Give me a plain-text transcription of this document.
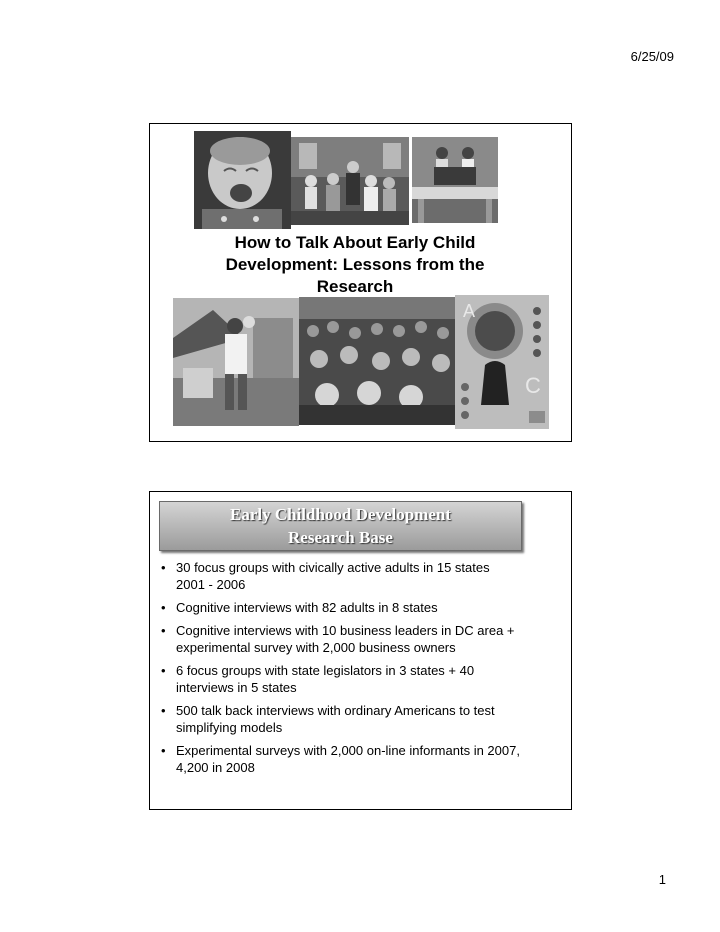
6/25/09
How to Talk About Early Child
Development: Lessons from the
Research
A
C
Early Childhood Development
Research Base
• 30 focus groups with civically active adults in 15 states
2001 - 2006
• Cognitive interviews with 82 adults in 8 states
• Cognitive interviews with 10 business leaders in DC area +
experimental survey with 2,000 business owners
• 6 focus groups with state legislators in 3 states + 40
interviews in 5 states
• 500 talk back interviews with ordinary Americans to test
simplifying models
• Experimental surveys with 2,000 on-line informants in 2007,
4,200 in 2008
1
